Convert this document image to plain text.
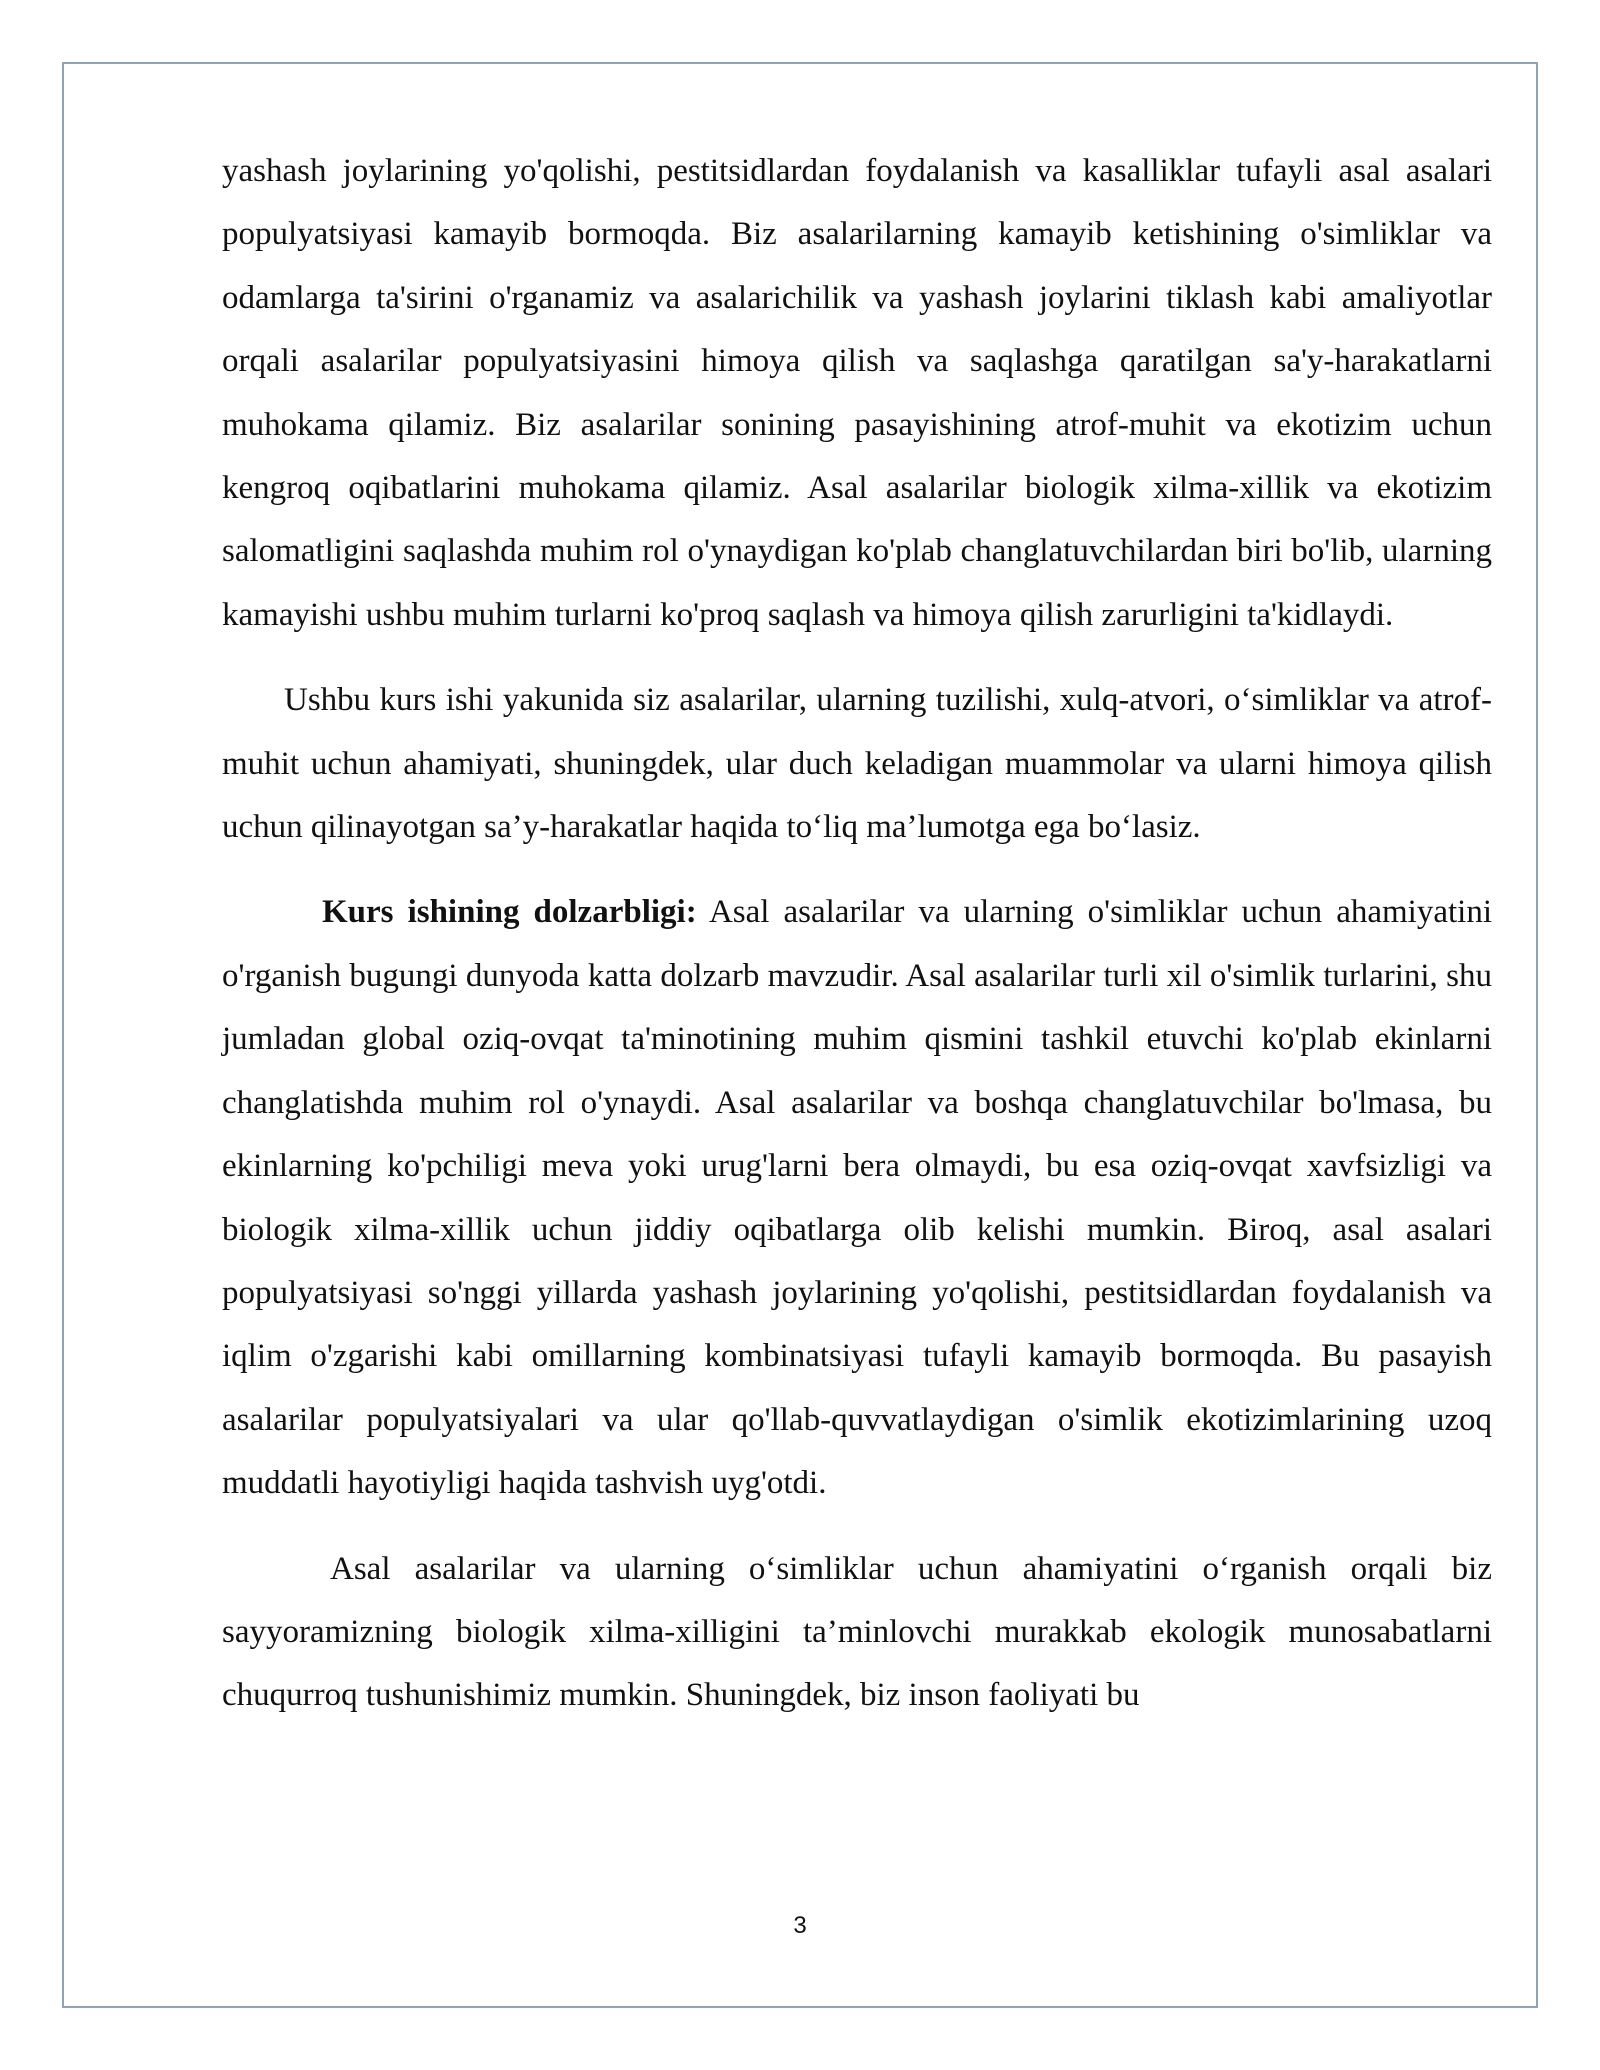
yashash joylarining yo'qolishi, pestitsidlardan foydalanish va kasalliklar tufayli asal asalari populyatsiyasi kamayib bormoqda. Biz asalarilarning kamayib ketishining o'simliklar va odamlarga ta'sirini o'rganamiz va asalarichilik va yashash joylarini tiklash kabi amaliyotlar orqali asalarilar populyatsiyasini himoya qilish va saqlashga qaratilgan sa'y-harakatlarni muhokama qilamiz. Biz asalarilar sonining pasayishining atrof-muhit va ekotizim uchun kengroq oqibatlarini muhokama qilamiz. Asal asalarilar biologik xilma-xillik va ekotizim salomatligini saqlashda muhim rol o'ynaydigan ko'plab changlatuvchilardan biri bo'lib, ularning kamayishi ushbu muhim turlarni ko'proq saqlash va himoya qilish zarurligini ta'kidlaydi.

Ushbu kurs ishi yakunida siz asalarilar, ularning tuzilishi, xulq-atvori, o‘simliklar va atrof-muhit uchun ahamiyati, shuningdek, ular duch keladigan muammolar va ularni himoya qilish uchun qilinayotgan sa’y-harakatlar haqida to‘liq ma’lumotga ega bo‘lasiz.

Kurs ishining dolzarbligi: Asal asalarilar va ularning o'simliklar uchun ahamiyatini o'rganish bugungi dunyoda katta dolzarb mavzudir. Asal asalarilar turli xil o'simlik turlarini, shu jumladan global oziq-ovqat ta'minotining muhim qismini tashkil etuvchi ko'plab ekinlarni changlatishda muhim rol o'ynaydi. Asal asalarilar va boshqa changlatuvchilar bo'lmasa, bu ekinlarning ko'pchiligi meva yoki urug'larni bera olmaydi, bu esa oziq-ovqat xavfsizligi va biologik xilma-xillik uchun jiddiy oqibatlarga olib kelishi mumkin. Biroq, asal asalari populyatsiyasi so'nggi yillarda yashash joylarining yo'qolishi, pestitsidlardan foydalanish va iqlim o'zgarishi kabi omillarning kombinatsiyasi tufayli kamayib bormoqda. Bu pasayish asalarilar populyatsiyalari va ular qo'llab-quvvatlaydigan o'simlik ekotizimlarining uzoq muddatli hayotiyligi haqida tashvish uyg'otdi.

Asal asalarilar va ularning o‘simliklar uchun ahamiyatini o‘rganish orqali biz sayyoramizning biologik xilma-xilligini ta’minlovchi murakkab ekologik munosabatlarni chuqurroq tushunishimiz mumkin. Shuningdek, biz inson faoliyati bu

3
